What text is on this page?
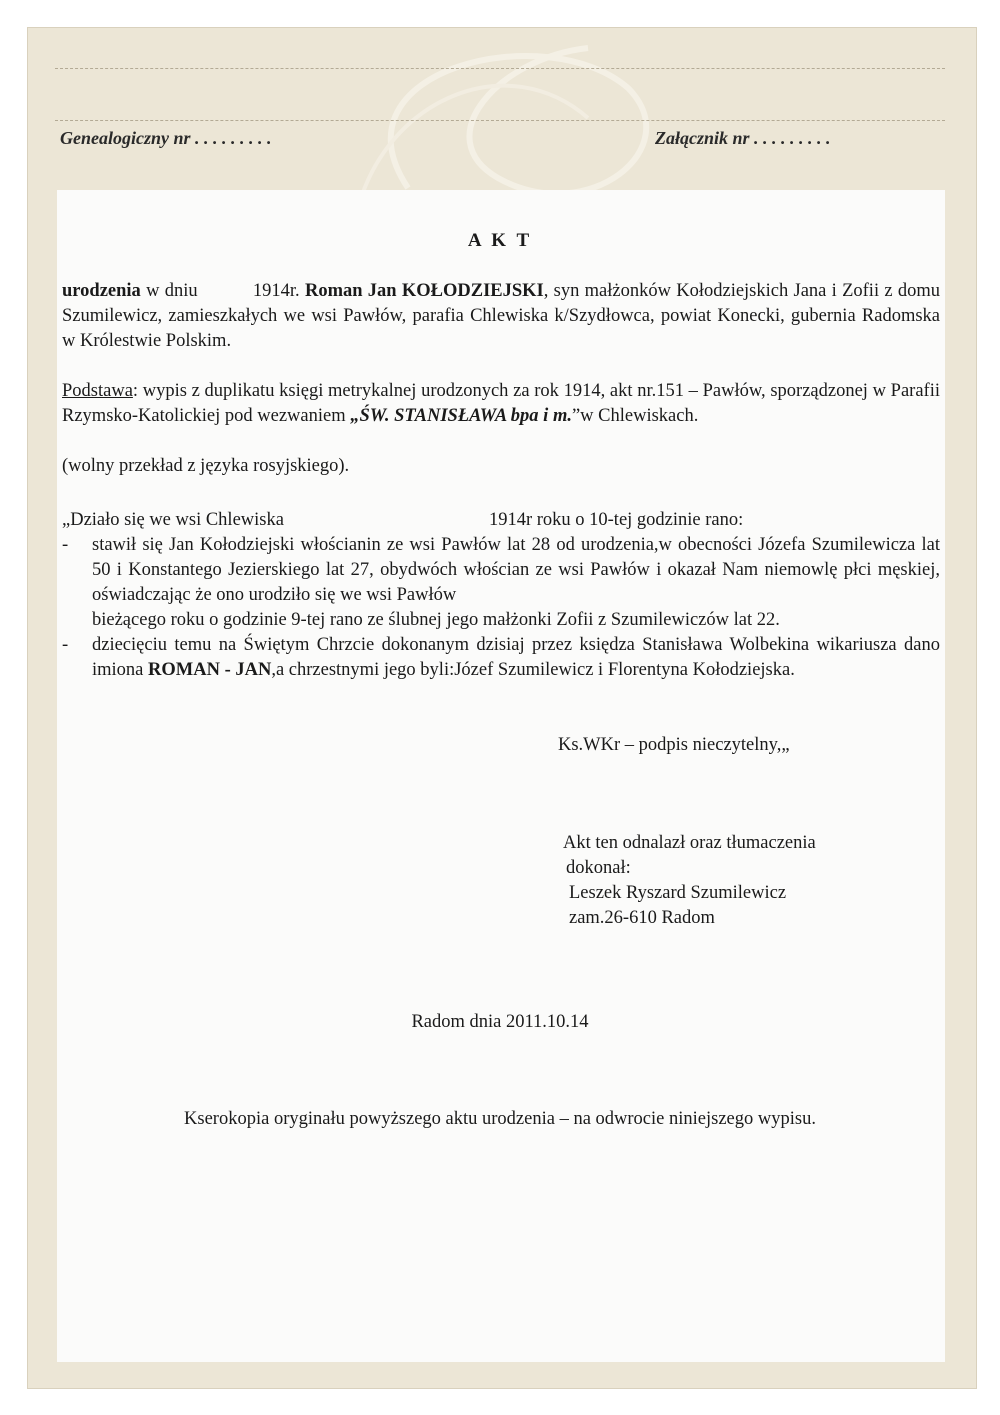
Genealogiczny nr . . . . . . . . .	Załącznik nr . . . . . . . . .
A K T
urodzenia w dniu	1914r. Roman Jan KOŁODZIEJSKI, syn małżonków Kołodziejskich Jana i Zofii z domu Szumilewicz, zamieszkałych we wsi Pawłów, parafia Chlewiska k/Szydłowca, powiat Konecki, gubernia Radomska w Królestwie Polskim.
Podstawa: wypis z duplikatu księgi metrykalnej urodzonych za rok 1914, akt nr.151 – Pawłów, sporządzonej w Parafii Rzymsko-Katolickiej pod wezwaniem „ŚW. STANISŁAWA bpa i m.”w Chlewiskach.
(wolny przekład z języka rosyjskiego).
„Działo się we wsi Chlewiska	1914r roku o 10-tej godzinie rano:
- stawił się Jan Kołodziejski włościanin ze wsi Pawłów lat 28 od urodzenia,w obecności Józefa Szumilewicza lat 50 i Konstantego Jezierskiego lat 27, obydwóch włościan ze wsi Pawłów i okazał Nam niemowlę płci męskiej, oświadczając że ono urodziło się we wsi Pawłów
bieżącego roku o godzinie 9-tej rano ze ślubnej jego małżonki Zofii z Szumilewiczów lat 22.
- dziecięciu temu na Świętym Chrzcie dokonanym dzisiaj przez księdza Stanisława Wolbekina wikariusza dano imiona ROMAN - JAN,a chrzestnymi jego byli:Józef Szumilewicz i Florentyna Kołodziejska.
Ks.WKr – podpis nieczytelny,„
Akt ten odnalazł oraz tłumaczenia
dokonał:
Leszek Ryszard Szumilewicz
zam.26-610 Radom
Radom dnia 2011.10.14
Kserokopia oryginału powyższego aktu urodzenia – na odwrocie niniejszego wypisu.
